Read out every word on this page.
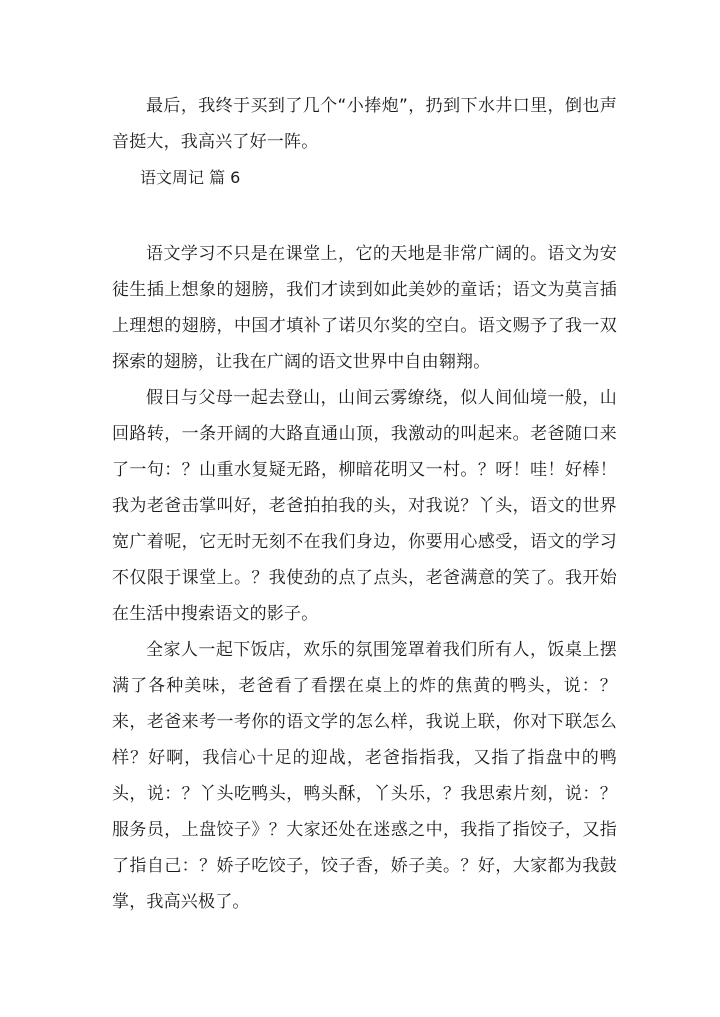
最后，我终于买到了几个“小捧炮”，扔到下水井口里，倒也声音挺大，我高兴了好一阵。

语文周记 篇 6

语文学习不只是在课堂上，它的天地是非常广阔的。语文为安徒生插上想象的翅膀，我们才读到如此美妙的童话；语文为莫言插上理想的翅膀，中国才填补了诺贝尔奖的空白。语文赐予了我一双探索的翅膀，让我在广阔的语文世界中自由翱翔。

假日与父母一起去登山，山间云雾缭绕，似人间仙境一般，山回路转，一条开阔的大路直通山顶，我激动的叫起来。老爸随口来了一句：？山重水复疑无路，柳暗花明又一村。？呀！哇！好棒！我为老爸击掌叫好，老爸拍拍我的头，对我说？丫头，语文的世界宽广着呢，它无时无刻不在我们身边，你要用心感受，语文的学习不仅限于课堂上。？我使劲的点了点头，老爸满意的笑了。我开始在生活中搜索语文的影子。

全家人一起下饭店，欢乐的氛围笼罩着我们所有人，饭桌上摆满了各种美味，老爸看了看摆在桌上的炸的焦黄的鸭头，说：？来，老爸来考一考你的语文学的怎么样，我说上联，你对下联怎么样？好啊，我信心十足的迎战，老爸指指我，又指了指盘中的鸭头，说：？丫头吃鸭头，鸭头酥，丫头乐，？我思索片刻，说：？服务员，上盘饺子》？大家还处在迷惑之中，我指了指饺子，又指了指自己：？娇子吃饺子，饺子香，娇子美。？好，大家都为我鼓掌，我高兴极了。
